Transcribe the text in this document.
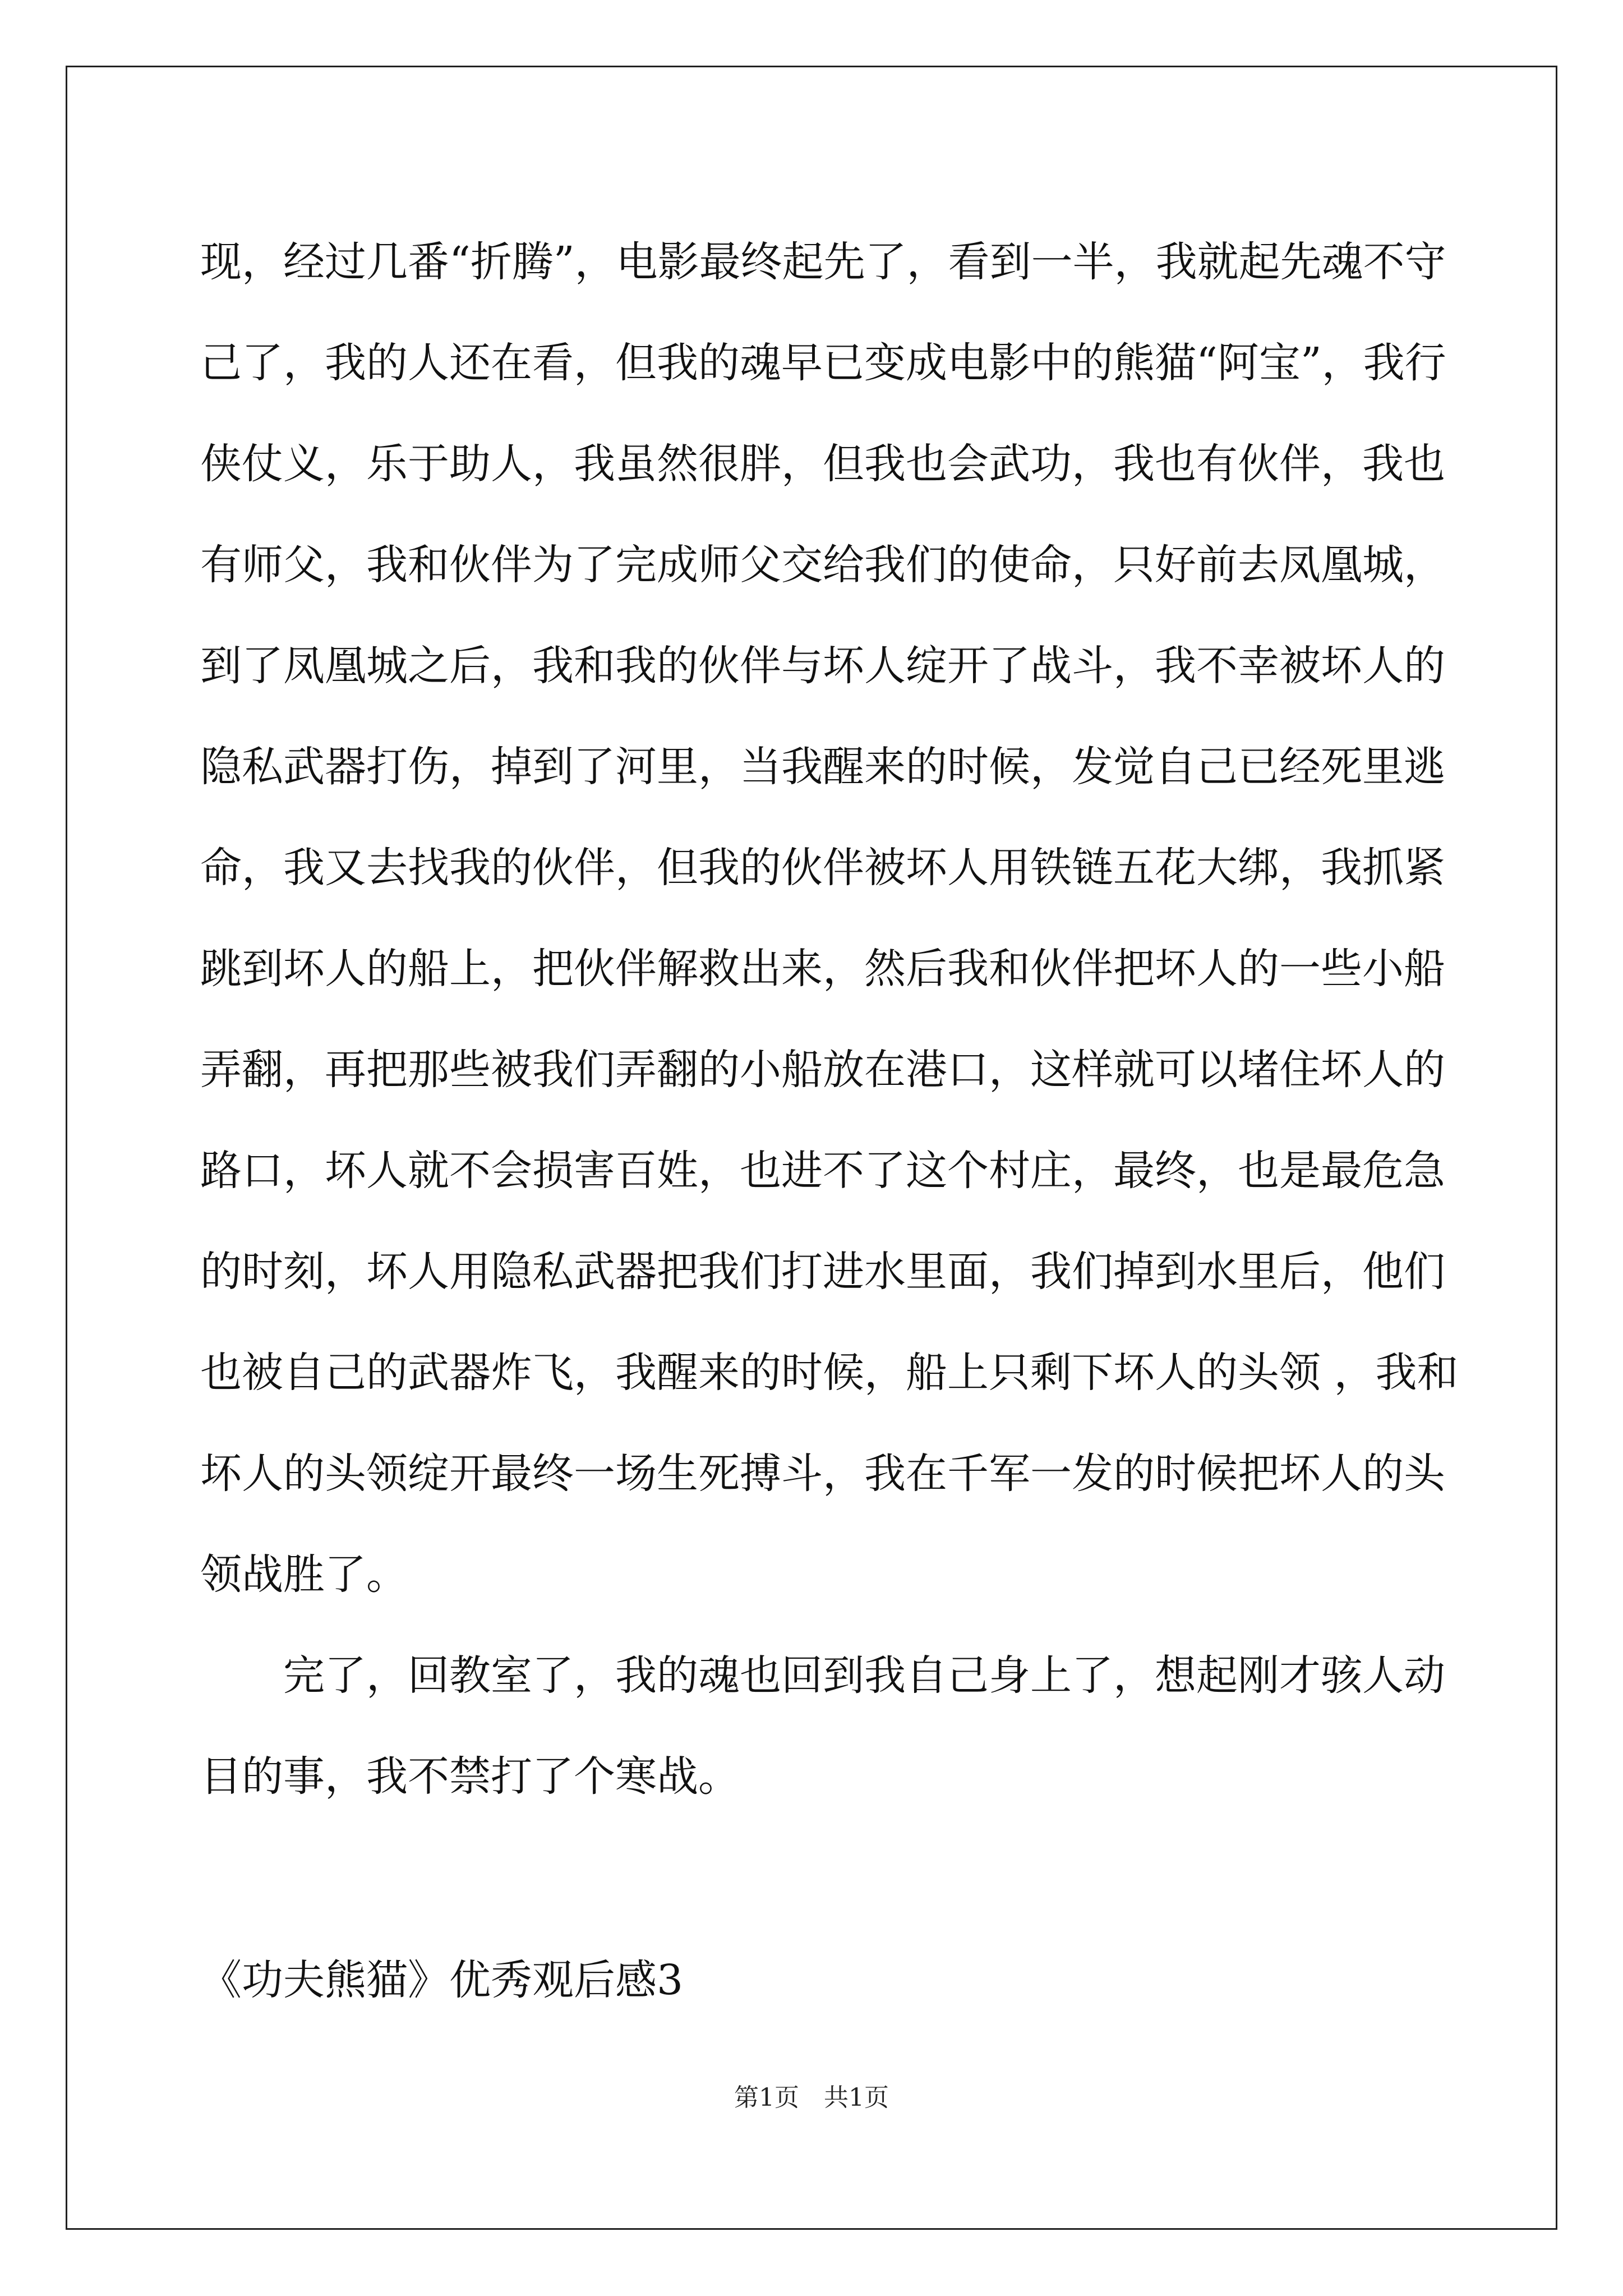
现，经过几番“折腾”，电影最终起先了，看到一半，我就起先魂不守
己了，我的人还在看，但我的魂早已变成电影中的熊猫“阿宝”，我行
侠仗义，乐于助人，我虽然很胖，但我也会武功，我也有伙伴，我也
有师父，我和伙伴为了完成师父交给我们的使命，只好前去凤凰城，
到了凤凰城之后，我和我的伙伴与坏人绽开了战斗，我不幸被坏人的
隐私武器打伤，掉到了河里，当我醒来的时候，发觉自己已经死里逃
命，我又去找我的伙伴，但我的伙伴被坏人用铁链五花大绑，我抓紧
跳到坏人的船上，把伙伴解救出来，然后我和伙伴把坏人的一些小船
弄翻，再把那些被我们弄翻的小船放在港口，这样就可以堵住坏人的
路口，坏人就不会损害百姓，也进不了这个村庄，最终，也是最危急
的时刻，坏人用隐私武器把我们打进水里面，我们掉到水里后，他们
也被自己的武器炸飞，我醒来的时候，船上只剩下坏人的头领 ，我和
坏人的头领绽开最终一场生死搏斗，我在千军一发的时候把坏人的头
领战胜了。
完了，回教室了，我的魂也回到我自己身上了，想起刚才骇人动
目的事，我不禁打了个寒战。
《功夫熊猫》优秀观后感3
第1页　共1页
